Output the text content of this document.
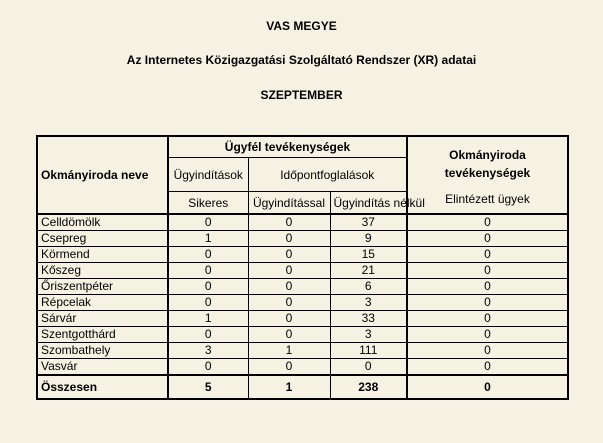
VAS MEGYE
Az Internetes Közigazgatási Szolgáltató Rendszer (XR) adatai
SZEPTEMBER
Okmányiroda neve	Ügyfél tevékenységek			Okmányiroda tevékenységek
	Ügyindítások	Időpontfoglalások		
	Sikeres	Ügyindítással	Ügyindítás nélkül	Elintézett ügyek
Celldömölk	0	0	37	0
Csepreg	1	0	9	0
Körmend	0	0	15	0
Kőszeg	0	0	21	0
Őriszentpéter	0	0	6	0
Répcelak	0	0	3	0
Sárvár	1	0	33	0
Szentgotthárd	0	0	3	0
Szombathely	3	1	111	0
Vasvár	0	0	0	0
Összesen	5	1	238	0
